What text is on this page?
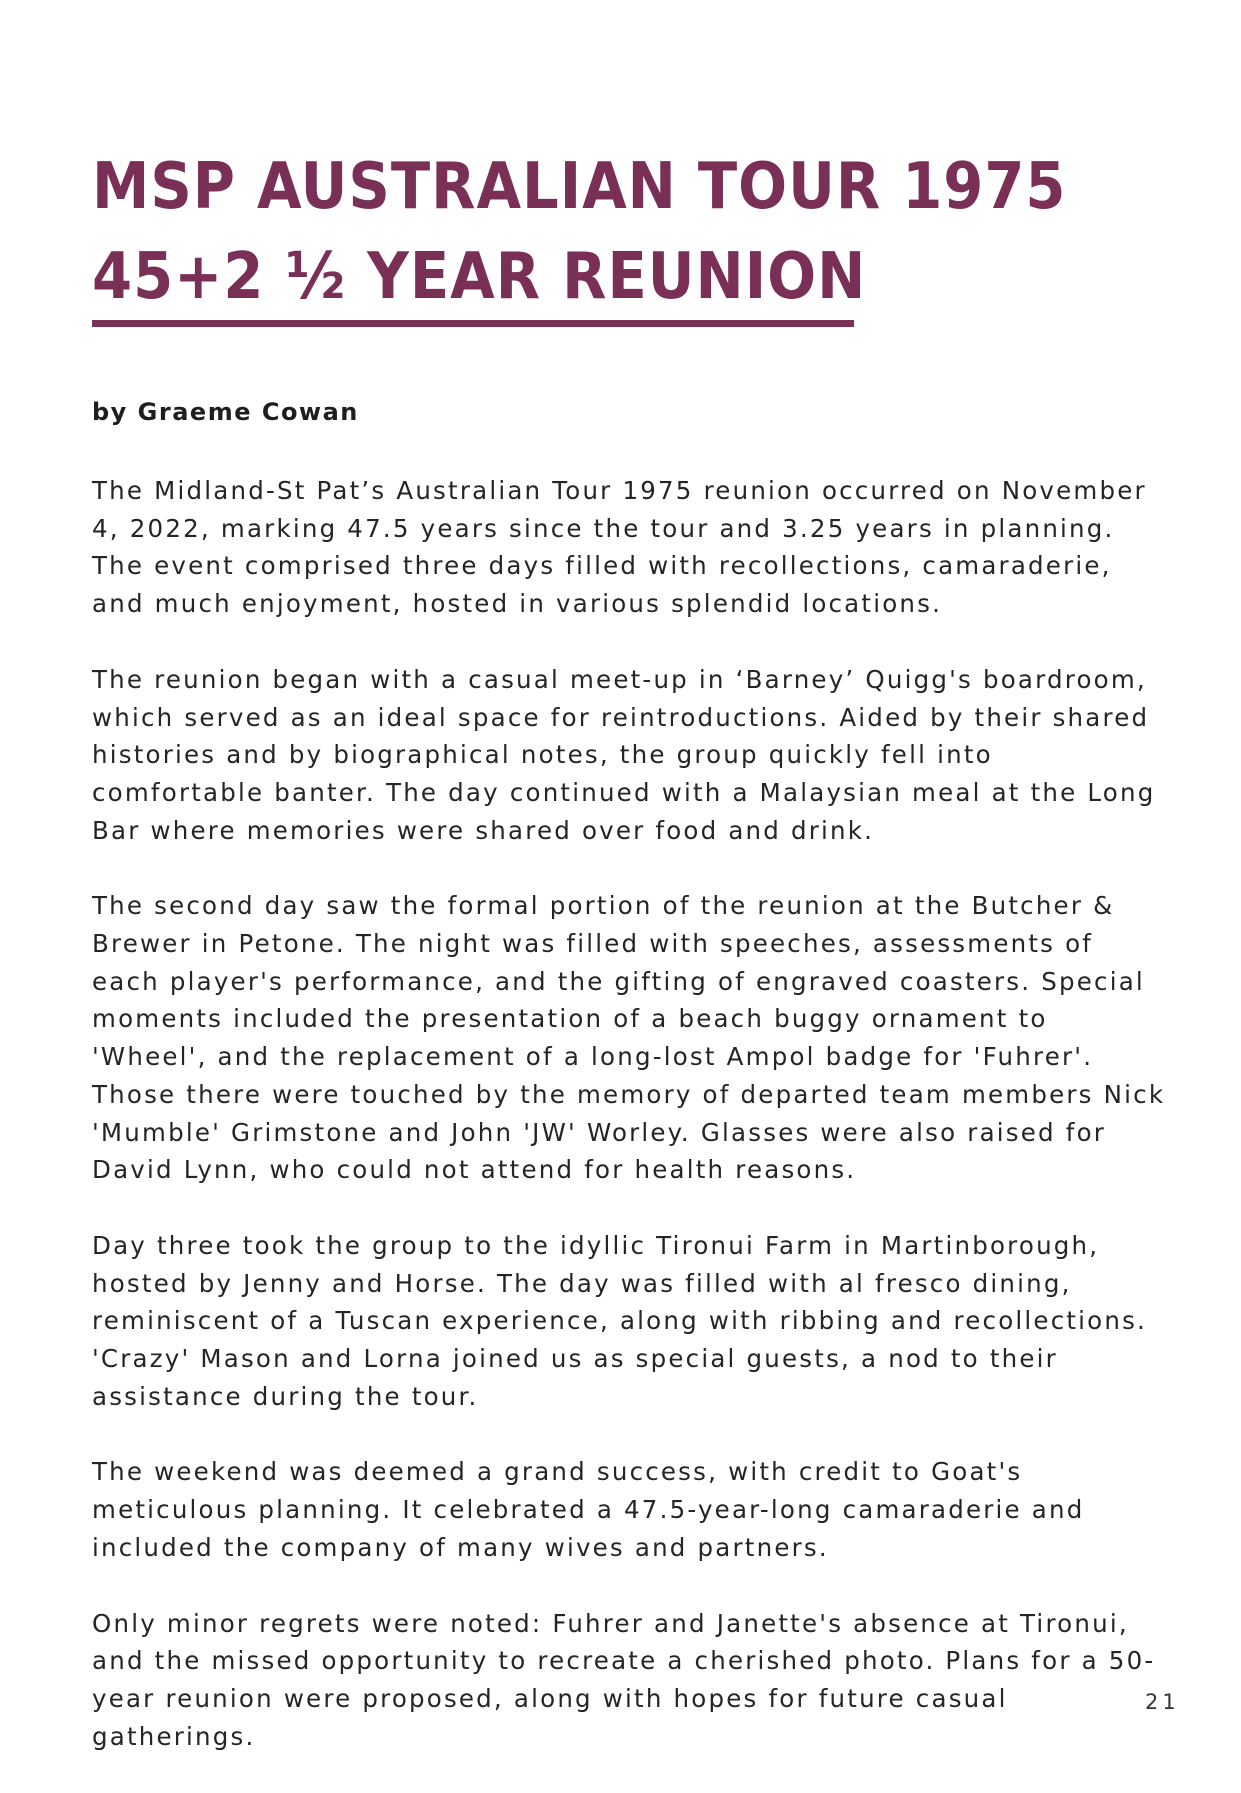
MSP AUSTRALIAN TOUR 1975
45+2 ½ YEAR REUNION

by Graeme Cowan

The Midland-St Pat’s Australian Tour 1975 reunion occurred on November 4, 2022, marking 47.5 years since the tour and 3.25 years in planning. The event comprised three days filled with recollections, camaraderie, and much enjoyment, hosted in various splendid locations.

The reunion began with a casual meet-up in ‘Barney’ Quigg's boardroom, which served as an ideal space for reintroductions. Aided by their shared histories and by biographical notes, the group quickly fell into comfortable banter. The day continued with a Malaysian meal at the Long Bar where memories were shared over food and drink.

The second day saw the formal portion of the reunion at the Butcher & Brewer in Petone. The night was filled with speeches, assessments of each player's performance, and the gifting of engraved coasters. Special moments included the presentation of a beach buggy ornament to 'Wheel', and the replacement of a long-lost Ampol badge for 'Fuhrer'. Those there were touched by the memory of departed team members Nick 'Mumble' Grimstone and John 'JW' Worley. Glasses were also raised for David Lynn, who could not attend for health reasons.

Day three took the group to the idyllic Tironui Farm in Martinborough, hosted by Jenny and Horse. The day was filled with al fresco dining, reminiscent of a Tuscan experience, along with ribbing and recollections. 'Crazy' Mason and Lorna joined us as special guests, a nod to their assistance during the tour.

The weekend was deemed a grand success, with credit to Goat's meticulous planning. It celebrated a 47.5-year-long camaraderie and included the company of many wives and partners.

Only minor regrets were noted: Fuhrer and Janette's absence at Tironui, and the missed opportunity to recreate a cherished photo. Plans for a 50-year reunion were proposed, along with hopes for future casual gatherings.

21
